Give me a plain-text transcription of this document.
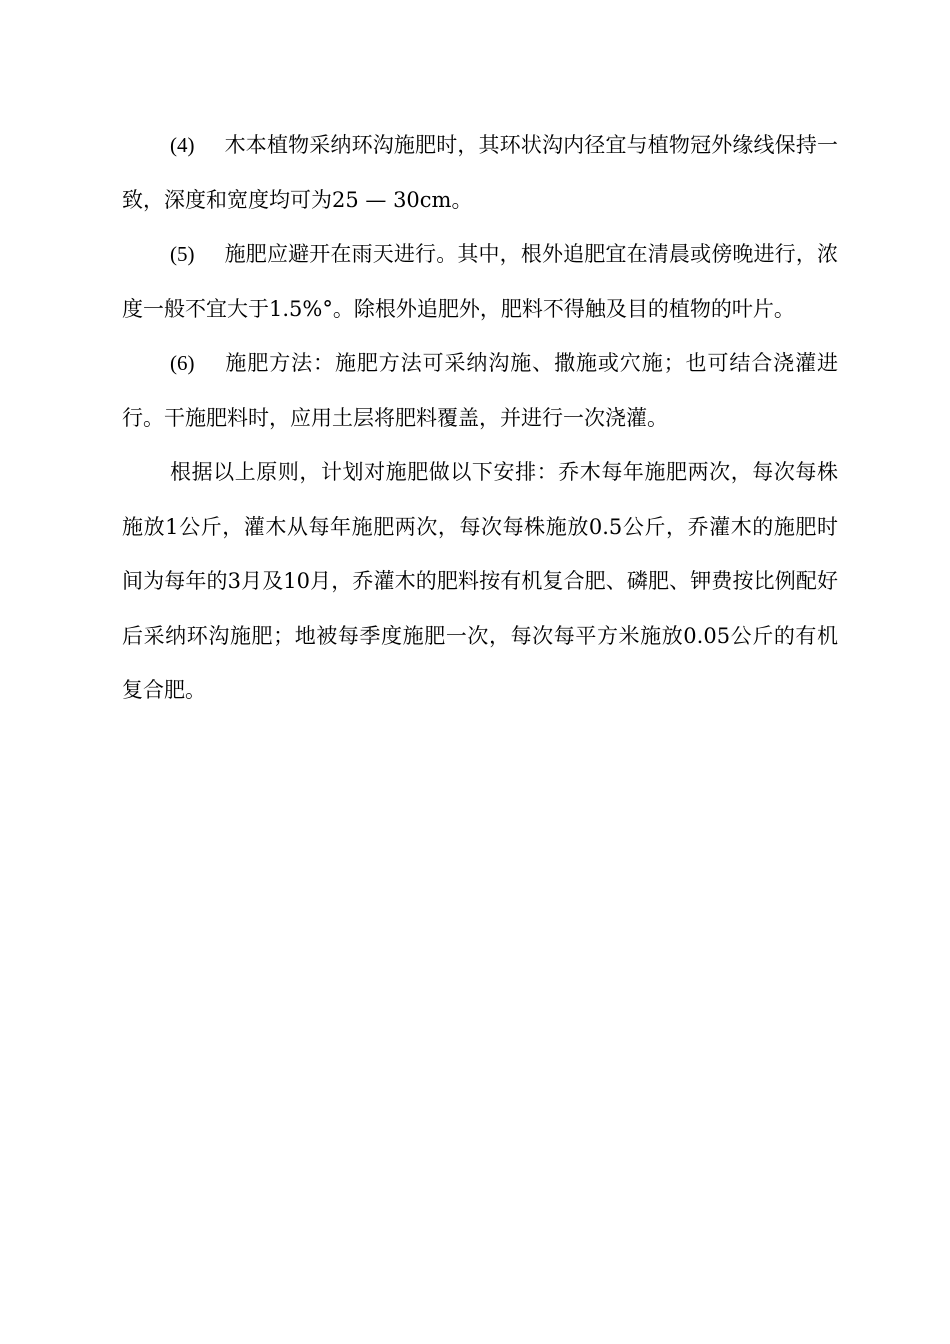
(4) 木本植物采纳环沟施肥时，其环状沟内径宜与植物冠外缘线保持一致，深度和宽度均可为25 — 30cm。

(5) 施肥应避开在雨天进行。其中，根外追肥宜在清晨或傍晚进行，浓度一般不宜大于1.5%°。除根外追肥外，肥料不得触及目的植物的叶片。

(6) 施肥方法：施肥方法可采纳沟施、撒施或穴施；也可结合浇灌进行。干施肥料时，应用土层将肥料覆盖，并进行一次浇灌。

根据以上原则，计划对施肥做以下安排：乔木每年施肥两次，每次每株施放1公斤，灌木从每年施肥两次，每次每株施放0.5公斤，乔灌木的施肥时间为每年的3月及10月，乔灌木的肥料按有机复合肥、磷肥、钾费按比例配好后采纳环沟施肥；地被每季度施肥一次，每次每平方米施放0.05公斤的有机复合肥。
